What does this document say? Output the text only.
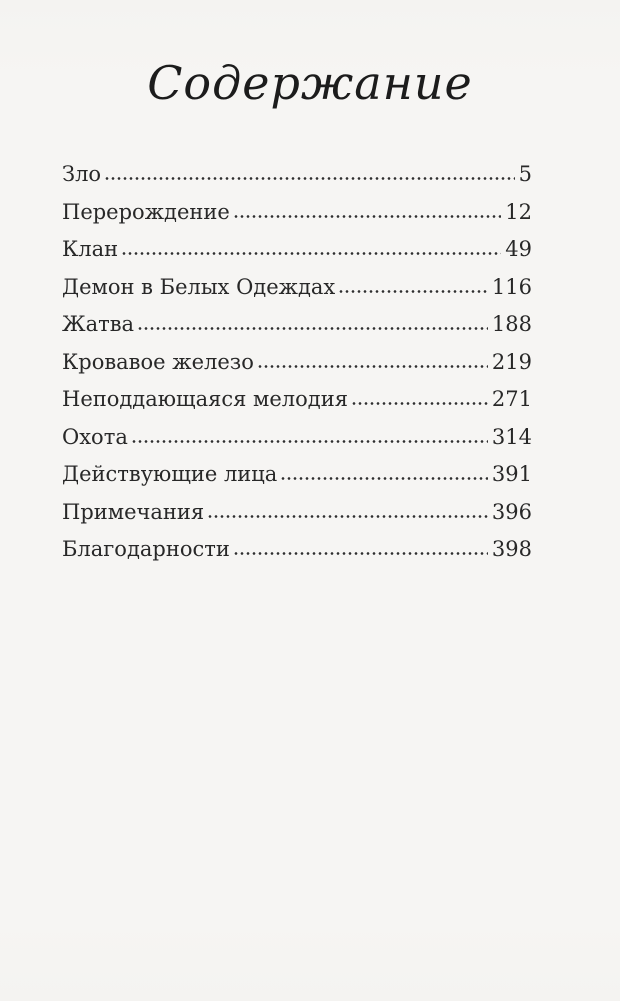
Содержание
Зло	5
Перерождение	12
Клан	49
Демон в Белых Одеждах	116
Жатва	188
Кровавое железо	219
Неподдающаяся мелодия	271
Охота	314
Действующие лица	391
Примечания	396
Благодарности	398
